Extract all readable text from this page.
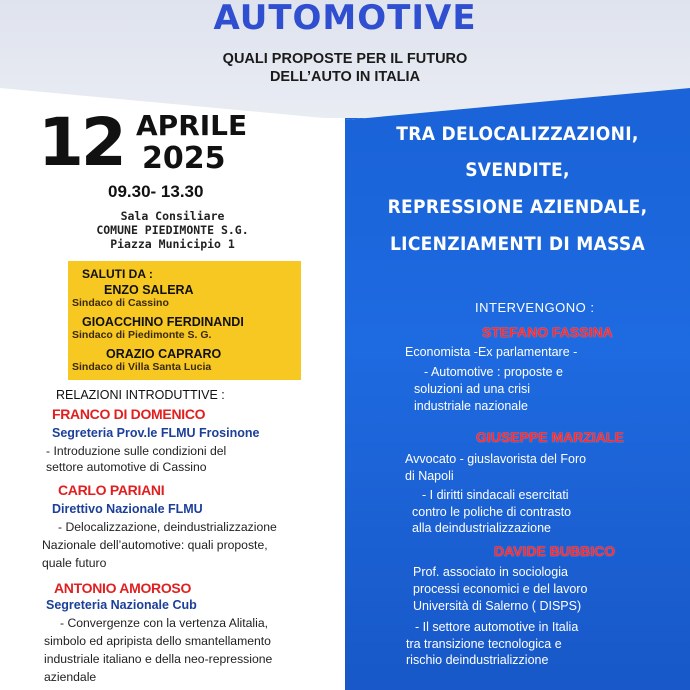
AUTOMOTIVE
QUALI PROPOSTE PER IL FUTURO
DELL’AUTO IN ITALIA
12 APRILE
2025
09.30- 13.30
Sala Consiliare
COMUNE PIEDIMONTE S.G.
Piazza Municipio 1
SALUTI DA :
ENZO SALERA
Sindaco di Cassino
GIOACCHINO FERDINANDI
Sindaco di Piedimonte S. G.
ORAZIO CAPRARO
Sindaco di Villa Santa Lucia
RELAZIONI INTRODUTTIVE :
FRANCO DI DOMENICO
Segreteria Prov.le FLMU Frosinone
- Introduzione sulle condizioni del
settore automotive di Cassino
CARLO PARIANI
Direttivo Nazionale FLMU
- Delocalizzazione, deindustrializzazione
Nazionale dell’automotive: quali proposte,
quale futuro
ANTONIO AMOROSO
Segreteria Nazionale Cub
- Convergenze con la vertenza Alitalia,
simbolo ed apripista dello smantellamento
industriale italiano e della neo-repressione
aziendale
TRA DELOCALIZZAZIONI,
SVENDITE,
REPRESSIONE AZIENDALE,
LICENZIAMENTI DI MASSA
INTERVENGONO :
STEFANO FASSINA
Economista -Ex parlamentare -
- Automotive : proposte e
soluzioni ad una crisi
industriale nazionale
GIUSEPPE MARZIALE
Avvocato - giuslavorista del Foro
di Napoli
- I diritti sindacali esercitati
contro le poliche di contrasto
alla deindustrializzazione
DAVIDE BUBBICO
Prof. associato in sociologia
processi economici e del lavoro
Università di Salerno ( DISPS)
- Il settore automotive in Italia
tra transizione tecnologica e
rischio deindustrializzione
